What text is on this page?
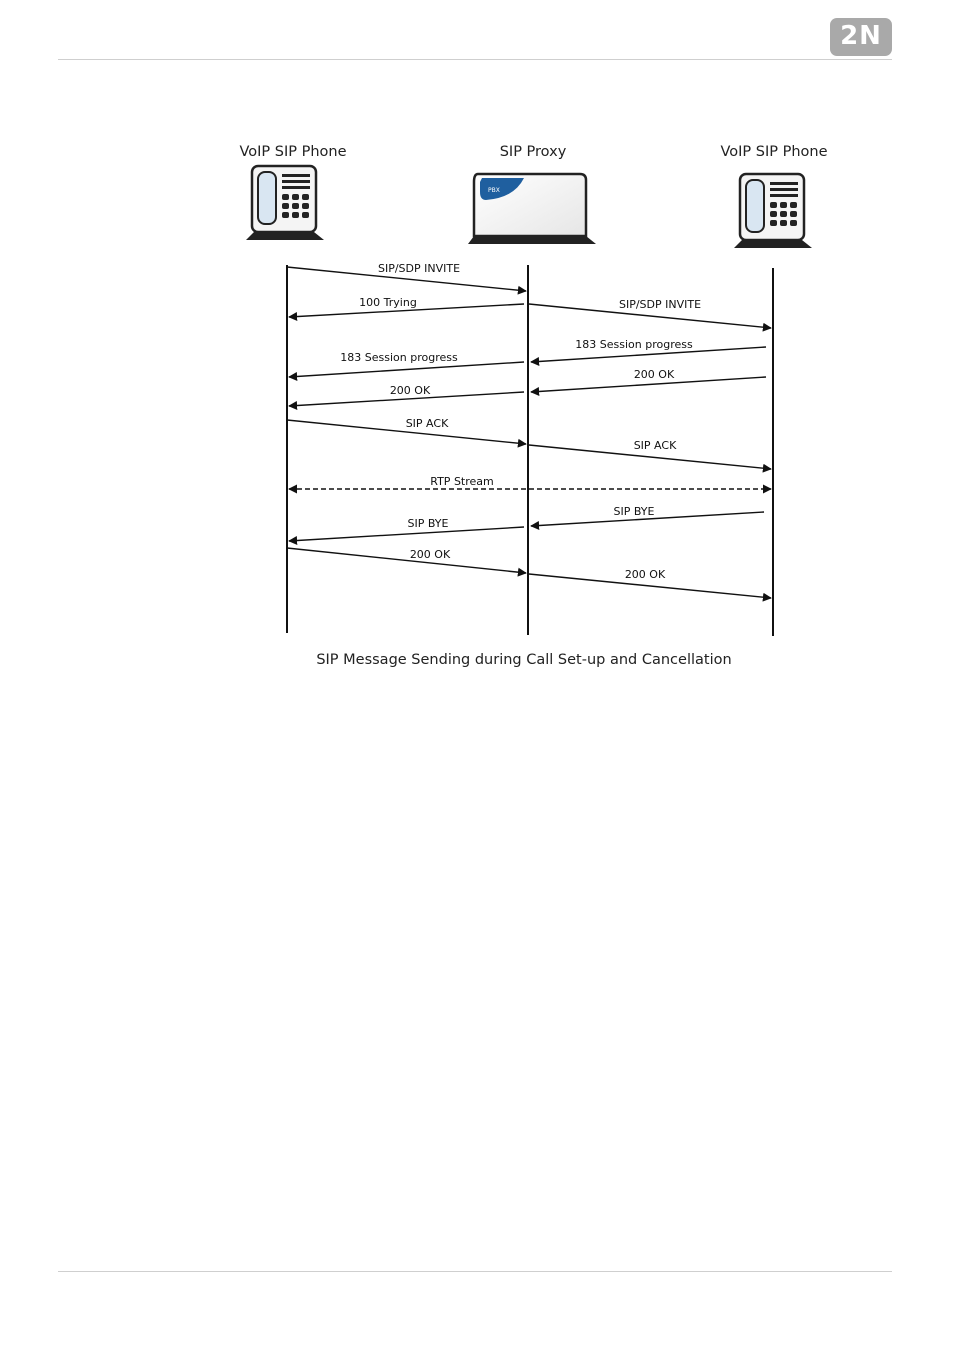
2N
VoIP SIP Phone	SIP Proxy	VoIP SIP Phone
PBX
SIP/SDP INVITE
100 Trying	SIP/SDP INVITE
183 Session progress
183 Session progress
200 OK
200 OK
SIP ACK
SIP ACK
RTP Stream
SIP BYE
SIP BYE
200 OK
200 OK
SIP Message Sending during Call Set-up and Cancellation
